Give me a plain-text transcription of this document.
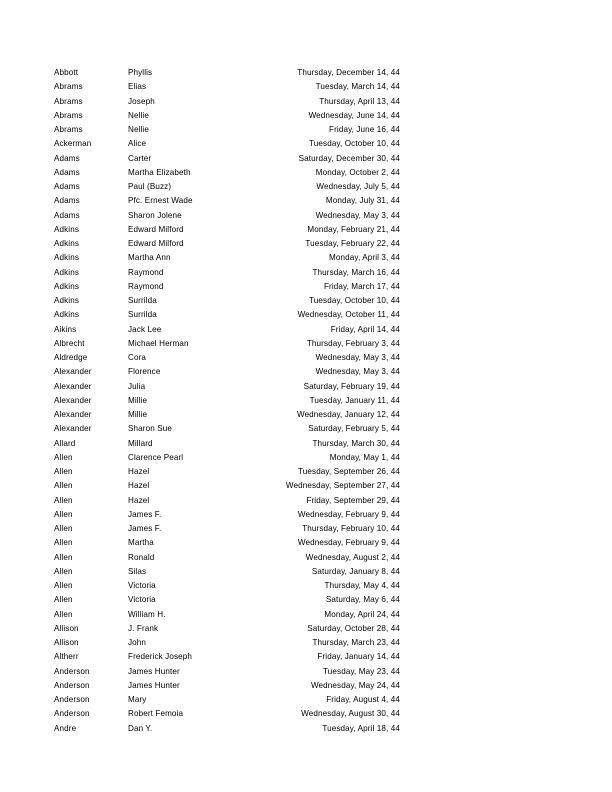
Abbott	Phyllis	Thursday, December 14, 44
Abrams	Elias	Tuesday, March 14, 44
Abrams	Joseph	Thursday, April 13, 44
Abrams	Nellie	Wednesday, June 14, 44
Abrams	Nellie	Friday, June 16, 44
Ackerman	Alice	Tuesday, October 10, 44
Adams	Carter	Saturday, December 30, 44
Adams	Martha Elizabeth	Monday, October 2, 44
Adams	Paul (Buzz)	Wednesday, July 5, 44
Adams	Pfc. Ernest Wade	Monday, July 31, 44
Adams	Sharon Jolene	Wednesday, May 3, 44
Adkins	Edward Milford	Monday, February 21, 44
Adkins	Edward Milford	Tuesday, February 22, 44
Adkins	Martha Ann	Monday, April 3, 44
Adkins	Raymond	Thursday, March 16, 44
Adkins	Raymond	Friday, March 17, 44
Adkins	Surrilda	Tuesday, October 10, 44
Adkins	Surrilda	Wednesday, October 11, 44
Aikins	Jack Lee	Friday, April 14, 44
Albrecht	Michael Herman	Thursday, February 3, 44
Aldredge	Cora	Wednesday, May 3, 44
Alexander	Florence	Wednesday, May 3, 44
Alexander	Julia	Saturday, February 19, 44
Alexander	Millie	Tuesday, January 11, 44
Alexander	Millie	Wednesday, January 12, 44
Alexander	Sharon Sue	Saturday, February 5, 44
Allard	Millard	Thursday, March 30, 44
Allen	Clarence Pearl	Monday, May 1, 44
Allen	Hazel	Tuesday, September 26, 44
Allen	Hazel	Wednesday, September 27, 44
Allen	Hazel	Friday, September 29, 44
Allen	James F.	Wednesday, February 9, 44
Allen	James F.	Thursday, February 10, 44
Allen	Martha	Wednesday, February 9, 44
Allen	Ronald	Wednesday, August 2, 44
Allen	Silas	Saturday, January 8, 44
Allen	Victoria	Thursday, May 4, 44
Allen	Victoria	Saturday, May 6, 44
Allen	William H.	Monday, April 24, 44
Allison	J. Frank	Saturday, October 28, 44
Allison	John	Thursday, March 23, 44
Altherr	Frederick Joseph	Friday, January 14, 44
Anderson	James Hunter	Tuesday, May 23, 44
Anderson	James Hunter	Wednesday, May 24, 44
Anderson	Mary	Friday, August 4, 44
Anderson	Robert Femoia	Wednesday, August 30, 44
Andre	Dan Y.	Tuesday, April 18, 44
